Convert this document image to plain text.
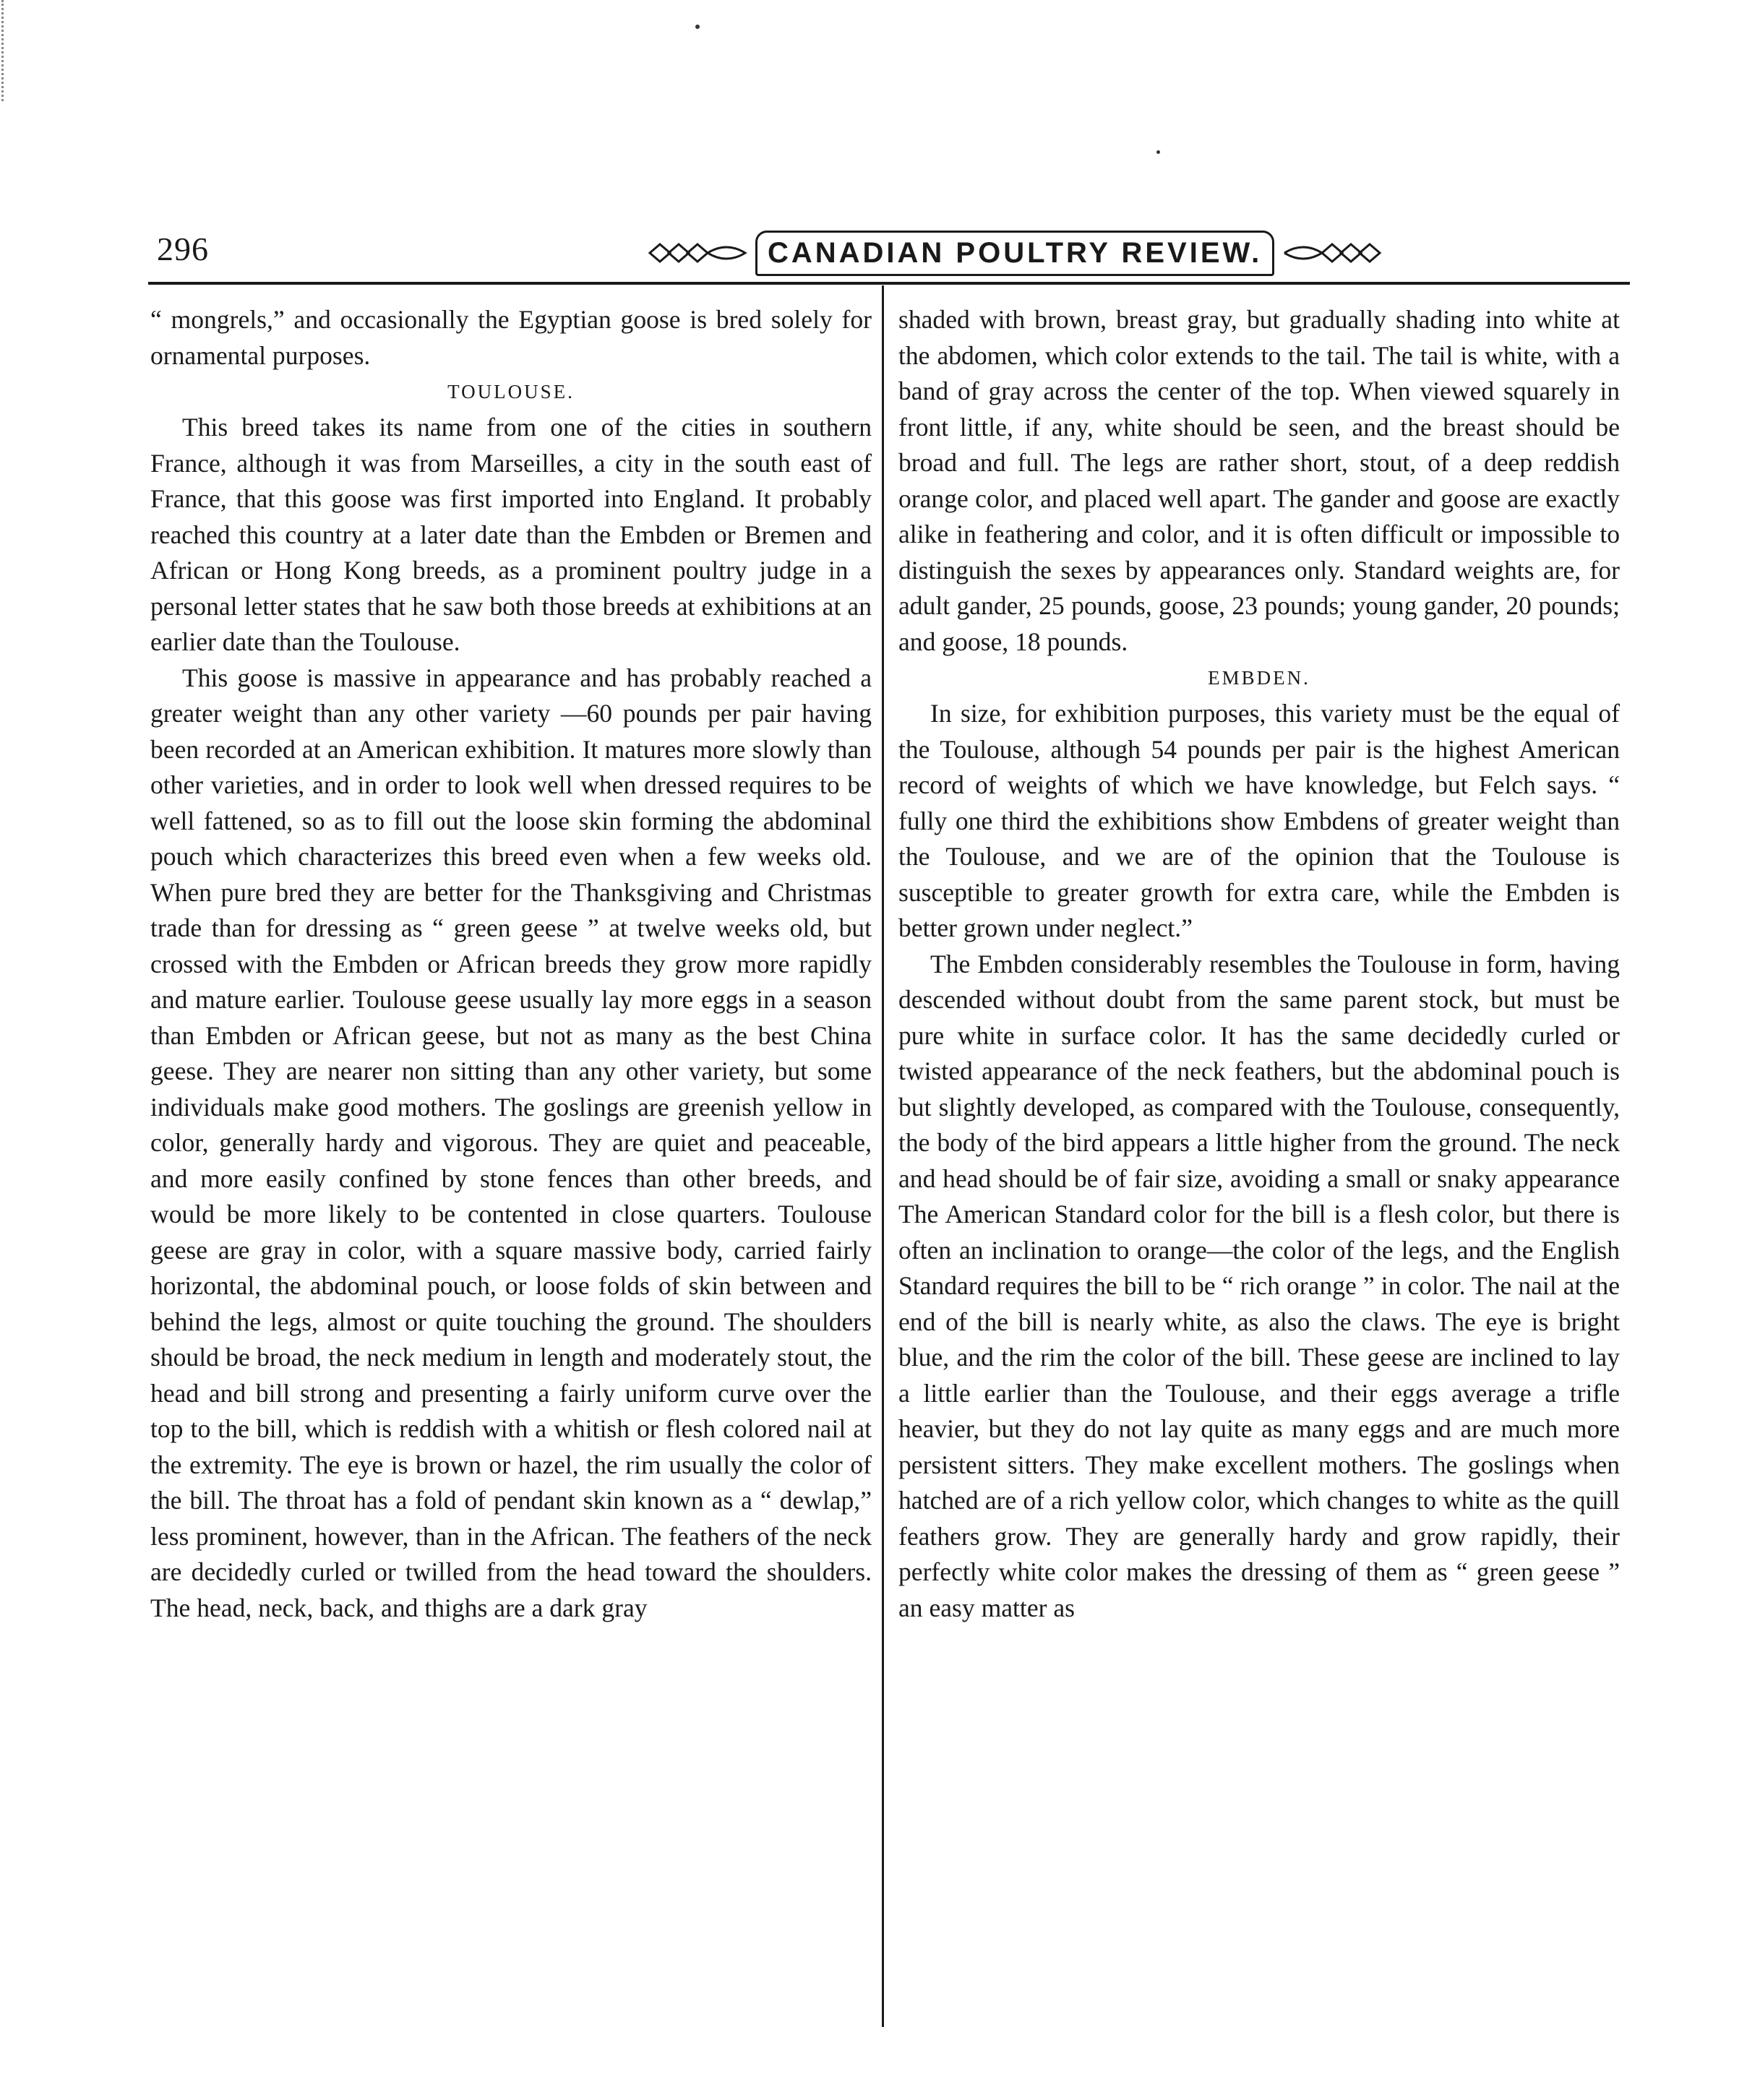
296	CANADIAN POULTRY REVIEW.

“ mongrels,” and occasionally the Egyptian goose is bred solely for ornamental purposes.

TOULOUSE.

This breed takes its name from one of the cities in southern France, although it was from Marseilles, a city in the south east of France, that this goose was first imported into England. It probably reached this country at a later date than the Embden or Bremen and African or Hong Kong breeds, as a prominent poultry judge in a personal letter states that he saw both those breeds at exhibitions at an earlier date than the Toulouse.

This goose is massive in appearance and has probably reached a greater weight than any other variety —60 pounds per pair having been recorded at an American exhibition. It matures more slowly than other varieties, and in order to look well when dressed requires to be well fattened, so as to fill out the loose skin forming the abdominal pouch which characterizes this breed even when a few weeks old. When pure bred they are better for the Thanksgiving and Christmas trade than for dressing as “ green geese ” at twelve weeks old, but crossed with the Embden or African breeds they grow more rapidly and mature earlier. Toulouse geese usually lay more eggs in a season than Embden or African geese, but not as many as the best China geese. They are nearer non sitting than any other variety, but some individuals make good mothers. The goslings are greenish yellow in color, generally hardy and vigorous. They are quiet and peaceable, and more easily confined by stone fences than other breeds, and would be more likely to be contented in close quarters. Toulouse geese are gray in color, with a square massive body, carried fairly horizontal, the abdominal pouch, or loose folds of skin between and behind the legs, almost or quite touching the ground. The shoulders should be broad, the neck medium in length and moderately stout, the head and bill strong and presenting a fairly uniform curve over the top to the bill, which is reddish with a whitish or flesh colored nail at the extremity. The eye is brown or hazel, the rim usually the color of the bill. The throat has a fold of pendant skin known as a “ dewlap,” less prominent, however, than in the African. The feathers of the neck are decidedly curled or twilled from the head toward the shoulders. The head, neck, back, and thighs are a dark gray

shaded with brown, breast gray, but gradually shading into white at the abdomen, which color extends to the tail. The tail is white, with a band of gray across the center of the top. When viewed squarely in front little, if any, white should be seen, and the breast should be broad and full. The legs are rather short, stout, of a deep reddish orange color, and placed well apart. The gander and goose are exactly alike in feathering and color, and it is often difficult or impossible to distinguish the sexes by appearances only. Standard weights are, for adult gander, 25 pounds, goose, 23 pounds; young gander, 20 pounds; and goose, 18 pounds.

EMBDEN.

In size, for exhibition purposes, this variety must be the equal of the Toulouse, although 54 pounds per pair is the highest American record of weights of which we have knowledge, but Felch says. “ fully one third the exhibitions show Embdens of greater weight than the Toulouse, and we are of the opinion that the Toulouse is susceptible to greater growth for extra care, while the Embden is better grown under neglect.”

The Embden considerably resembles the Toulouse in form, having descended without doubt from the same parent stock, but must be pure white in surface color. It has the same decidedly curled or twisted appearance of the neck feathers, but the abdominal pouch is but slightly developed, as compared with the Toulouse, consequently, the body of the bird appears a little higher from the ground. The neck and head should be of fair size, avoiding a small or snaky appearance The American Standard color for the bill is a flesh color, but there is often an inclination to orange—the color of the legs, and the English Standard requires the bill to be “ rich orange ” in color. The nail at the end of the bill is nearly white, as also the claws. The eye is bright blue, and the rim the color of the bill. These geese are inclined to lay a little earlier than the Toulouse, and their eggs average a trifle heavier, but they do not lay quite as many eggs and are much more persistent sitters. They make excellent mothers. The goslings when hatched are of a rich yellow color, which changes to white as the quill feathers grow. They are generally hardy and grow rapidly, their perfectly white color makes the dressing of them as “ green geese ” an easy matter as
